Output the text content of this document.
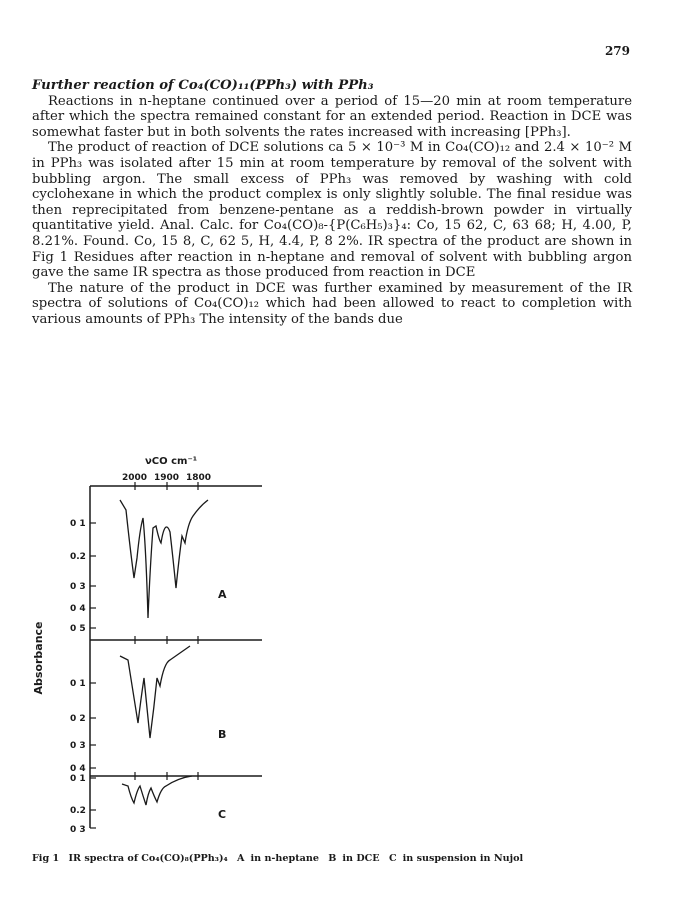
279

Further reaction of Co₄(CO)₁₁(PPh₃) with PPh₃

Reactions in n-heptane continued over a period of 15—20 min at room temperature after which the spectra remained constant for an extended period. Reaction in DCE was somewhat faster but in both solvents the rates increased with increasing [PPh₃].

The product of reaction of DCE solutions ca 5 × 10⁻³ M in Co₄(CO)₁₂ and 2.4 × 10⁻² M in PPh₃ was isolated after 15 min at room temperature by removal of the solvent with bubbling argon. The small excess of PPh₃ was removed by washing with cold cyclohexane in which the product complex is only slightly soluble. The final residue was then reprecipitated from benzene-pentane as a reddish-brown powder in virtually quantitative yield. Anal. Calc. for Co₄(CO)₈-{P(C₆H₅)₃}₄: Co, 15 62, C, 63 68; H, 4.00, P, 8.21%. Found. Co, 15 8, C, 62 5, H, 4.4, P, 8 2%. IR spectra of the product are shown in Fig 1 Residues after reaction in n-heptane and removal of solvent with bubbling argon gave the same IR spectra as those produced from reaction in DCE

The nature of the product in DCE was further examined by measurement of the IR spectra of solutions of Co₄(CO)₁₂ which had been allowed to react to completion with various amounts of PPh₃ The intensity of the bands due

νCO cm⁻¹
2000 1900 1800
Absorbance
0 1
0.2
0 3
0 4
0 5
A
0 1
0 2
0 3
0 4
B
0 1
0.2
0 3
C
Fig 1 IR spectra of Co₄(CO)₈(PPh₃)₄ A in n-heptane B in DCE C in suspension in Nujol
